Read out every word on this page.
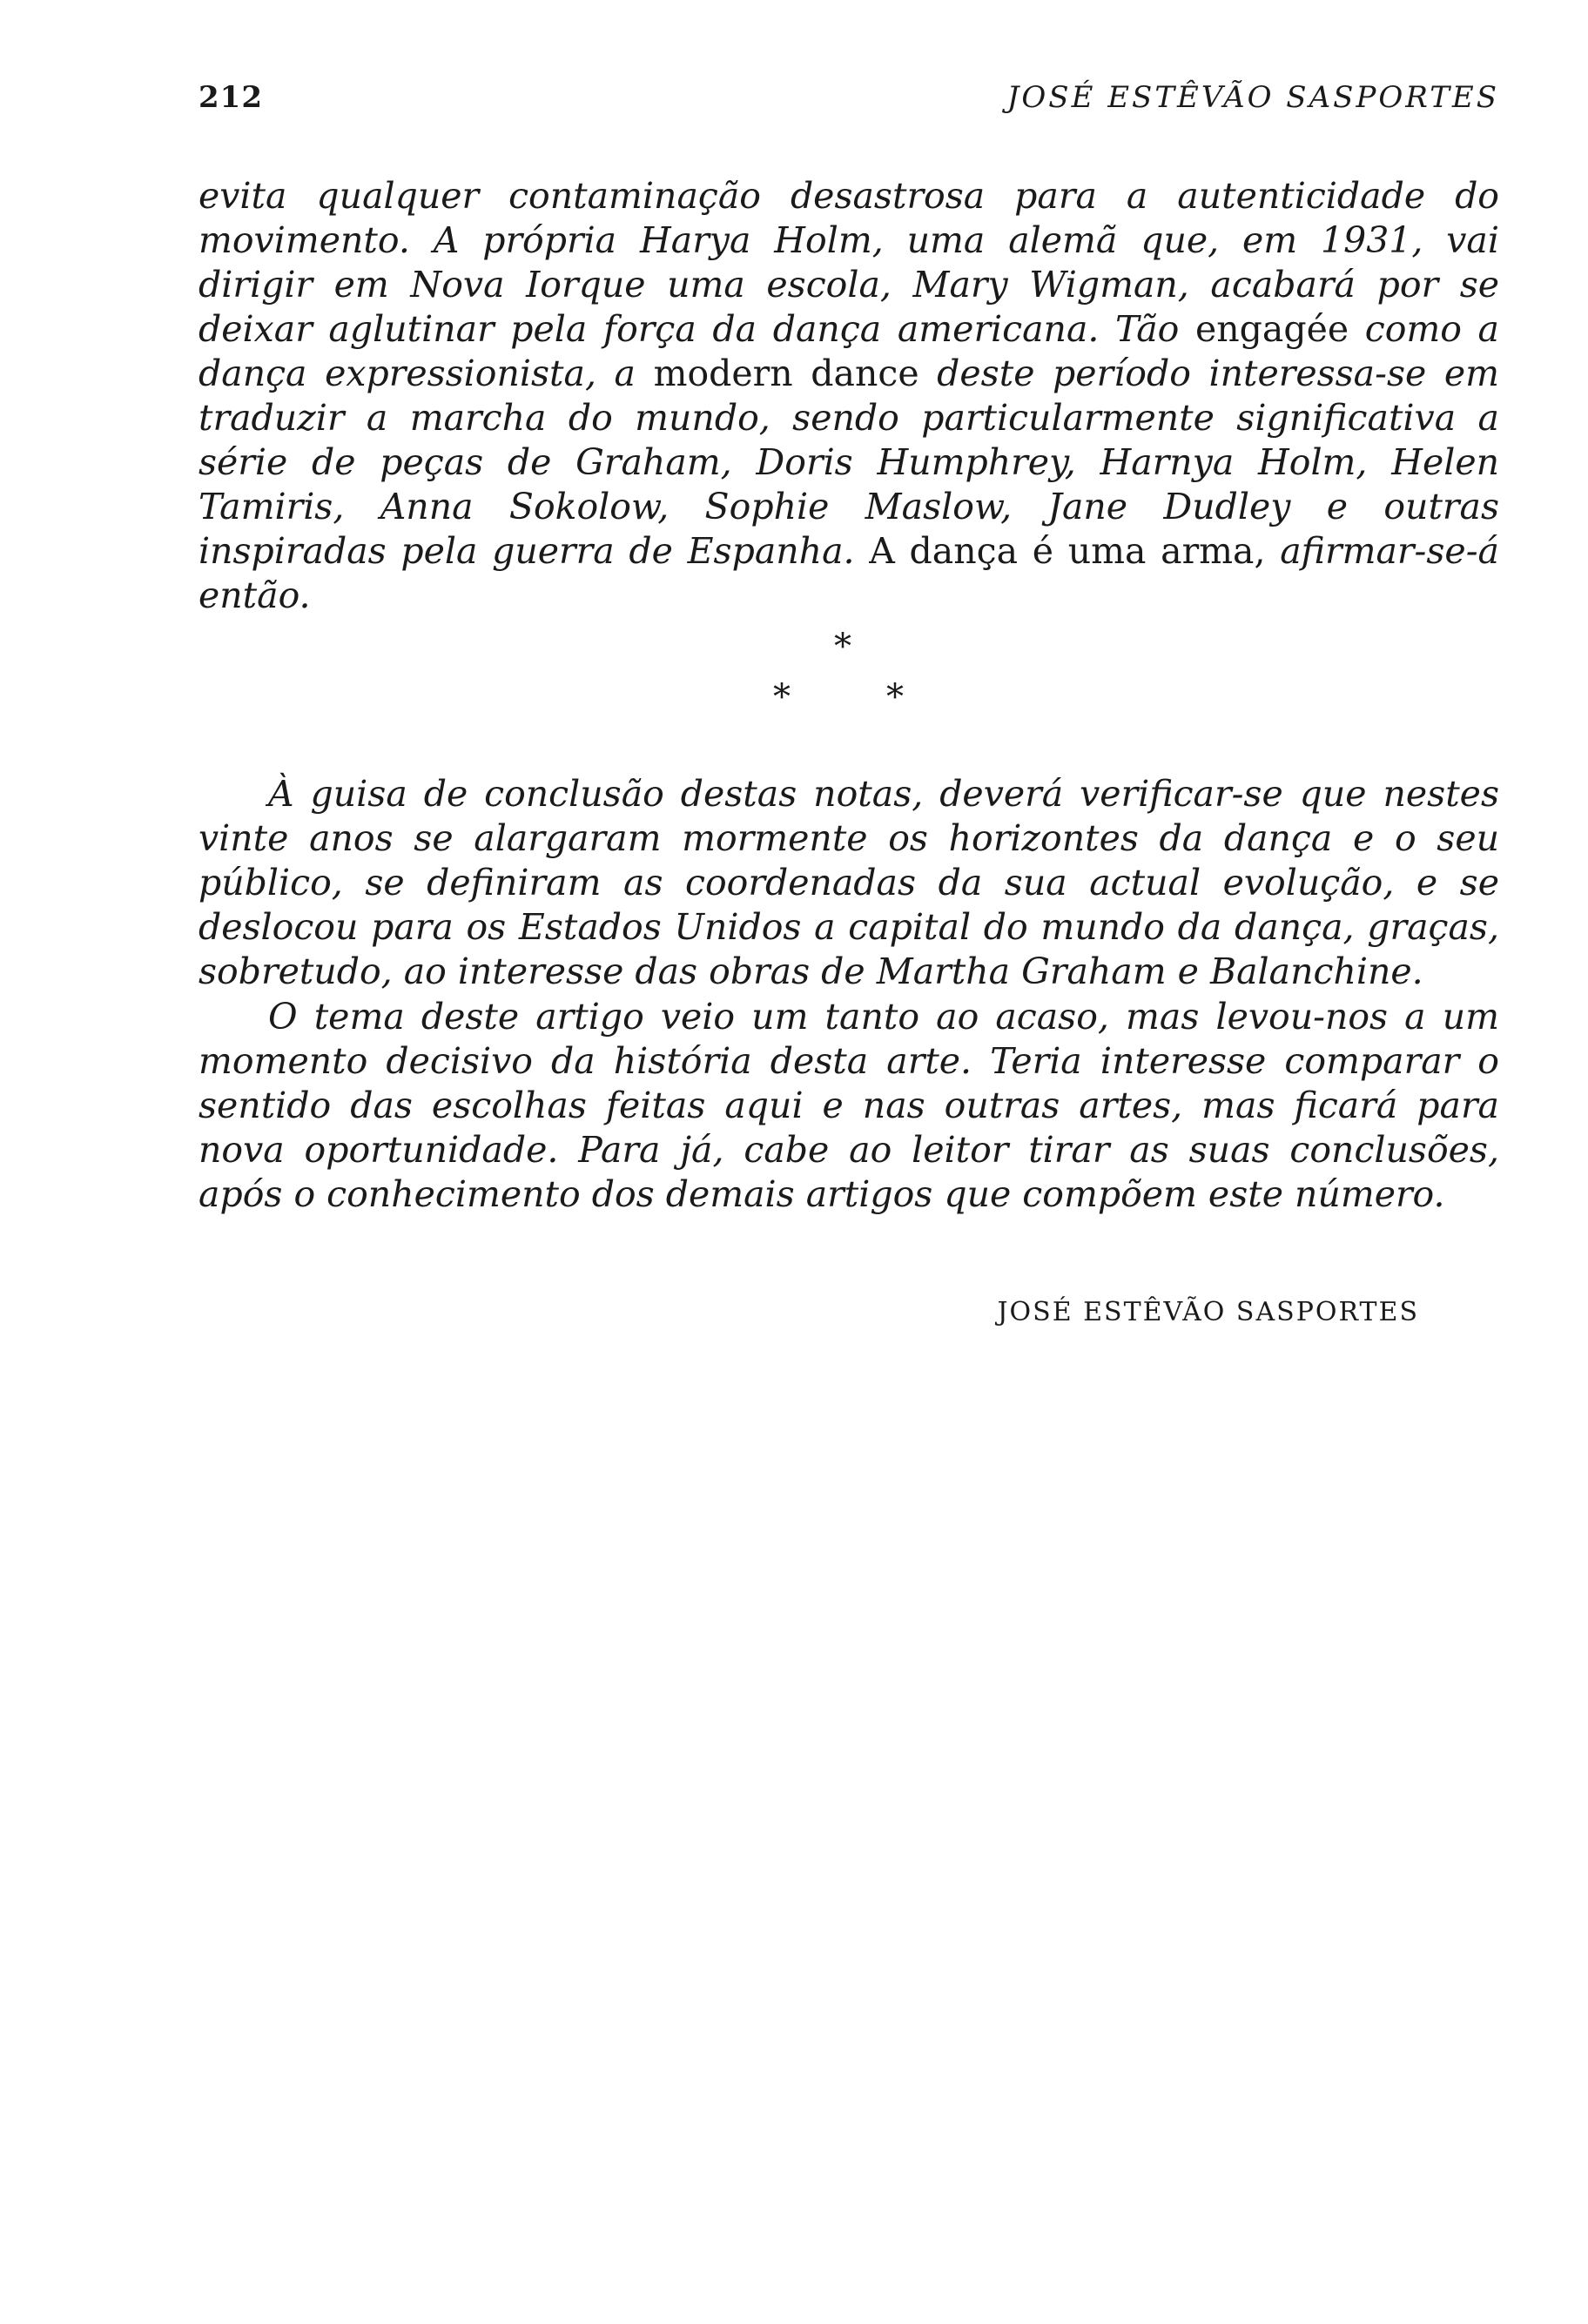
212	JOSÉ ESTÊVÃO SASPORTES
evita qualquer contaminação desastrosa para a autenticidade do movimento. A própria Harya Holm, uma alemã que, em 1931, vai dirigir em Nova Iorque uma escola, Mary Wigman, acabará por se deixar aglutinar pela força da dança americana. Tão engagée como a dança expressionista, a modern dance deste período interessa-se em traduzir a marcha do mundo, sendo particularmente significativa a série de peças de Graham, Doris Humphrey, Harnya Holm, Helen Tamiris, Anna Sokolow, Sophie Maslow, Jane Dudley e outras inspiradas pela guerra de Espanha. A dança é uma arma, afirmar-se-á então.
*
*	*

À guisa de conclusão destas notas, deverá verificar-se que nestes vinte anos se alargaram mormente os horizontes da dança e o seu público, se definiram as coordenadas da sua actual evolução, e se deslocou para os Estados Unidos a capital do mundo da dança, graças, sobretudo, ao interesse das obras de Martha Graham e Balanchine.

O tema deste artigo veio um tanto ao acaso, mas levou-nos a um momento decisivo da história desta arte. Teria interesse comparar o sentido das escolhas feitas aqui e nas outras artes, mas ficará para nova oportunidade. Para já, cabe ao leitor tirar as suas conclusões, após o conhecimento dos demais artigos que compõem este número.

JOSÉ ESTÊVÃO SASPORTES
